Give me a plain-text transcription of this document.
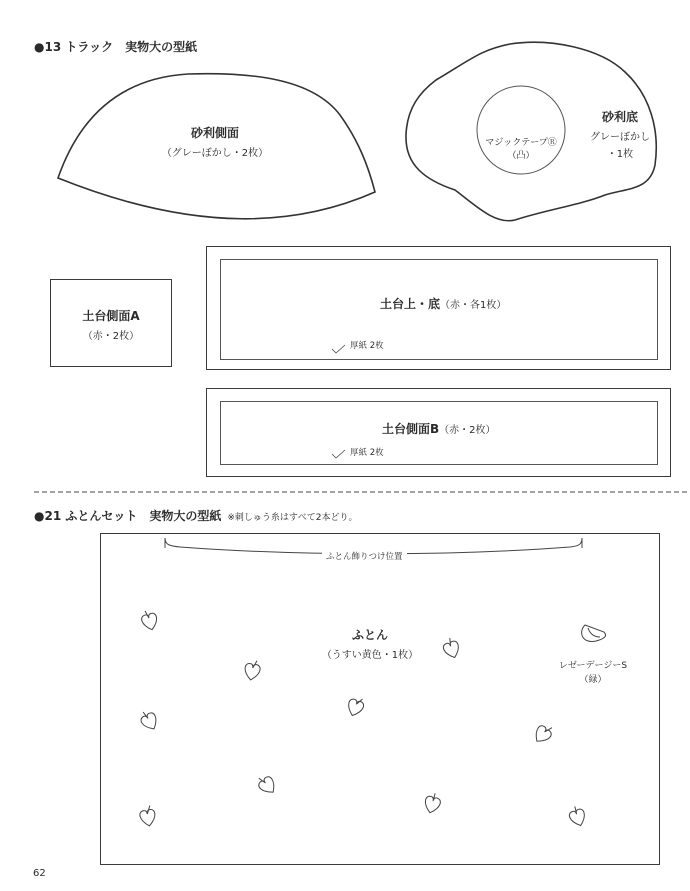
●13 トラック　実物大の型紙
砂利側面
（グレーぼかし・2枚）
砂利底
グレーぼかし
・1枚
マジックテープⓇ
（凸）
土台側面A
（赤・2枚）
土台上・底（赤・各1枚）
厚紙 2枚
土台側面B（赤・2枚）
厚紙 2枚
●21 ふとんセット　実物大の型紙 ※刺しゅう糸はすべて2本どり。
ふとん飾りつけ位置
ふとん
（うすい黄色・1枚）
レゼーデージーS
（緑）
62
